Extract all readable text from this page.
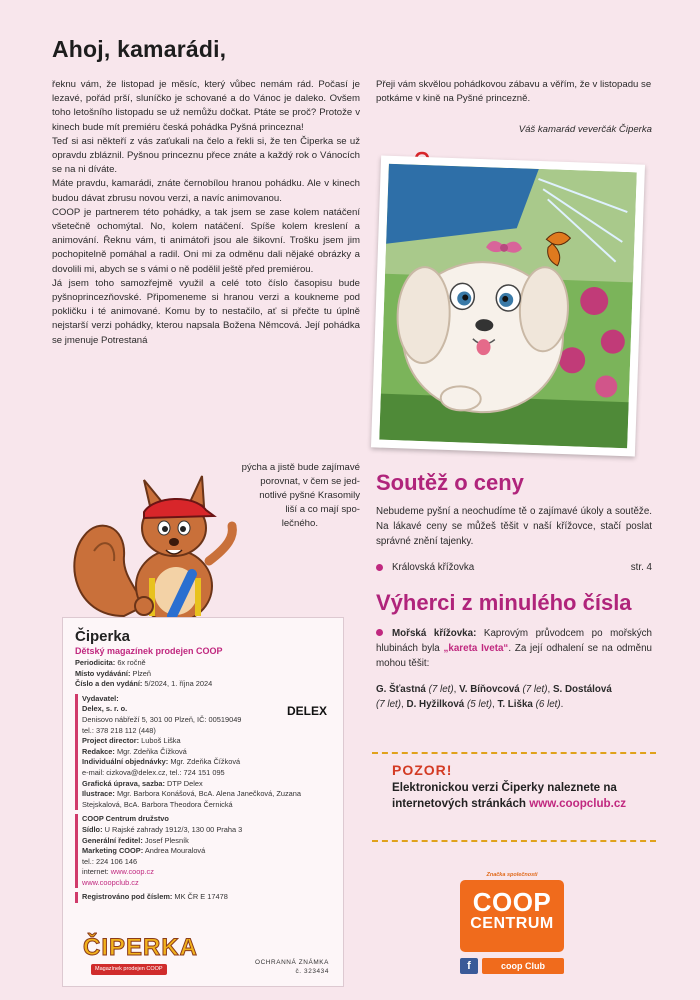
Ahoj, kamarádi,

řeknu vám, že listopad je měsíc, který vůbec nemám rád. Počasí je lezavé, pořád prší, sluníčko je schované a do Vánoc je daleko. Ovšem toho letošního listopadu se už nemůžu dočkat. Ptáte se proč? Protože v kinech bude mít premiéru česká pohádka Pyšná princezna!

Teď si asi někteří z vás zaťukali na čelo a řekli si, že ten Čiperka se už opravdu zbláznil. Pyšnou princeznu přece znáte a každý rok o Vánocích se na ni díváte.

Máte pravdu, kamarádi, znáte černobílou hranou pohádku. Ale v kinech budou dávat zbrusu novou verzi, a navíc animovanou.

COOP je partnerem této pohádky, a tak jsem se zase kolem natáčení všetečně ochomýtal. No, kolem natáčení. Spíše kolem kreslení a animování. Řeknu vám, ti animátoři jsou ale šikovní. Trošku jsem jim pochopitelně pomáhal a radil. Oni mi za odměnu dali nějaké obrázky a dovolili mi, abych se s vámi o ně podělil ještě před premiérou.

Já jsem toho samozřejmě využil a celé toto číslo časopisu bude pyšnoprincezňovské. Připomeneme si hranou verzi a koukneme pod pokličku i té animované. Komu by to nestačilo, ať si přečte tu úplně nejstarší verzi pohádky, kterou napsala Božena Němcová. Její pohádka se jmenuje Potrestaná

pýcha a jistě bude zajímavé
porovnat, v čem se jed-
notlivé pyšné Krasomily
liší a co mají spo-
lečného.
Přeji vám skvělou pohádkovou zábavu a věřím, že v listopadu se potkáme v kině na Pyšné princezně.
Váš kamarád veverčák Čiperka
Soutěž o ceny
Nebudeme pyšní a neochudíme tě o zajímavé úkoly a soutěže. Na lákavé ceny se můžeš těšit v naší křížovce, stačí poslat správné znění tajenky.
Královská křížovka	str. 4
Výherci z minulého čísla
Mořská křížovka: Kaprovým průvodcem po mořských hlubinách byla „kareta Iveta“. Za její odhalení se na odměnu mohou těšit:
G. Šťastná (7 let), V. Bíňovcová (7 let), S. Dostálová
(7 let), D. Hyžilková (5 let), T. Liška (6 let).
POZOR!
Elektronickou verzi Čiperky naleznete na internetových stránkách www.coopclub.cz
Značka společnosti
COOP
CENTRUM
f	coop Club
Čiperka
Dětský magazínek prodejen COOP
Periodicita: 6x ročně
Místo vydávání: Plzeň
Číslo a den vydání: 5/2024, 1. října 2024
Vydavatel:
Delex, s. r. o.
Denisovo nábřeží 5, 301 00 Plzeň, IČ: 00519049
tel.: 378 218 112 (448)
Project director: Luboš Liška
Redakce: Mgr. Zdeňka Čížková
Individuální objednávky: Mgr. Zdeňka Čížková
e-mail: cizkova@delex.cz, tel.: 724 151 095
Grafická úprava, sazba: DTP Delex
Ilustrace: Mgr. Barbora Konášová, BcA. Alena Janečková, Zuzana Stejskalová, BcA. Barbora Theodora Černická
COOP Centrum družstvo
Sídlo: U Rajské zahrady 1912/3, 130 00 Praha 3
Generální ředitel: Josef Plesník
Marketing COOP: Andrea Mouralová
tel.: 224 106 146
internet: www.coop.cz
www.coopclub.cz
Registrováno pod číslem: MK ČR E 17478
DELEX
ČIPERKA
Magazínek prodejen COOP
OCHRANNÁ ZNÁMKA
č. 323434
